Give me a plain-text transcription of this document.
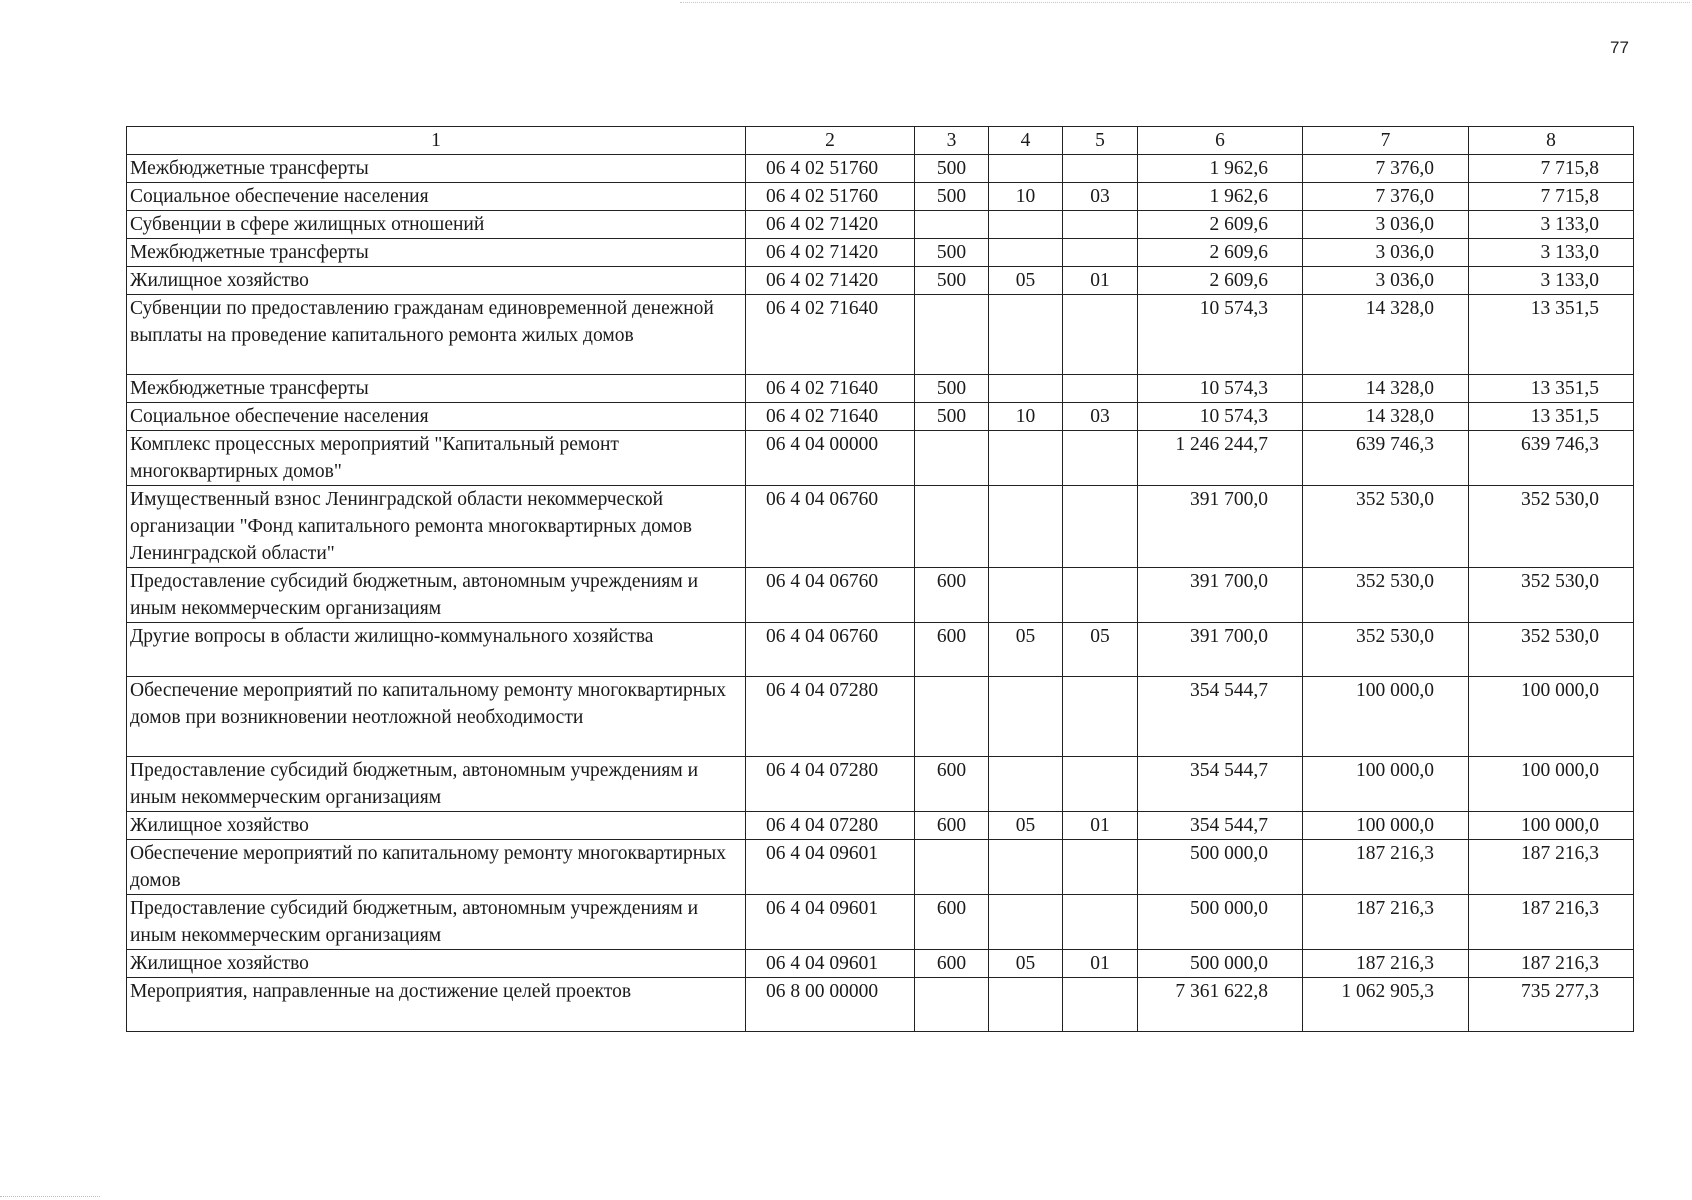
77
1	2	3	4	5	6	7	8
Межбюджетные трансферты	06 4 02 51760	500			1 962,6	7 376,0	7 715,8
Социальное обеспечение населения	06 4 02 51760	500	10	03	1 962,6	7 376,0	7 715,8
Субвенции в сфере жилищных отношений	06 4 02 71420				2 609,6	3 036,0	3 133,0
Межбюджетные трансферты	06 4 02 71420	500			2 609,6	3 036,0	3 133,0
Жилищное хозяйство	06 4 02 71420	500	05	01	2 609,6	3 036,0	3 133,0
Субвенции по предоставлению гражданам единовременной денежной выплаты на проведение капитального ремонта жилых домов	06 4 02 71640				10 574,3	14 328,0	13 351,5
Межбюджетные трансферты	06 4 02 71640	500			10 574,3	14 328,0	13 351,5
Социальное обеспечение населения	06 4 02 71640	500	10	03	10 574,3	14 328,0	13 351,5
Комплекс процессных мероприятий "Капитальный ремонт многоквартирных домов"	06 4 04 00000				1 246 244,7	639 746,3	639 746,3
Имущественный взнос Ленинградской области некоммерческой организации "Фонд капитального ремонта многоквартирных домов Ленинградской области"	06 4 04 06760				391 700,0	352 530,0	352 530,0
Предоставление субсидий бюджетным, автономным учреждениям и иным некоммерческим организациям	06 4 04 06760	600			391 700,0	352 530,0	352 530,0
Другие вопросы в области жилищно-коммунального хозяйства	06 4 04 06760	600	05	05	391 700,0	352 530,0	352 530,0
Обеспечение мероприятий по капитальному ремонту многоквартирных домов при возникновении неотложной необходимости	06 4 04 07280				354 544,7	100 000,0	100 000,0
Предоставление субсидий бюджетным, автономным учреждениям и иным некоммерческим организациям	06 4 04 07280	600			354 544,7	100 000,0	100 000,0
Жилищное хозяйство	06 4 04 07280	600	05	01	354 544,7	100 000,0	100 000,0
Обеспечение мероприятий по капитальному ремонту многоквартирных домов	06 4 04 09601				500 000,0	187 216,3	187 216,3
Предоставление субсидий бюджетным, автономным учреждениям и иным некоммерческим организациям	06 4 04 09601	600			500 000,0	187 216,3	187 216,3
Жилищное хозяйство	06 4 04 09601	600	05	01	500 000,0	187 216,3	187 216,3
Мероприятия, направленные на достижение целей проектов	06 8 00 00000				7 361 622,8	1 062 905,3	735 277,3
